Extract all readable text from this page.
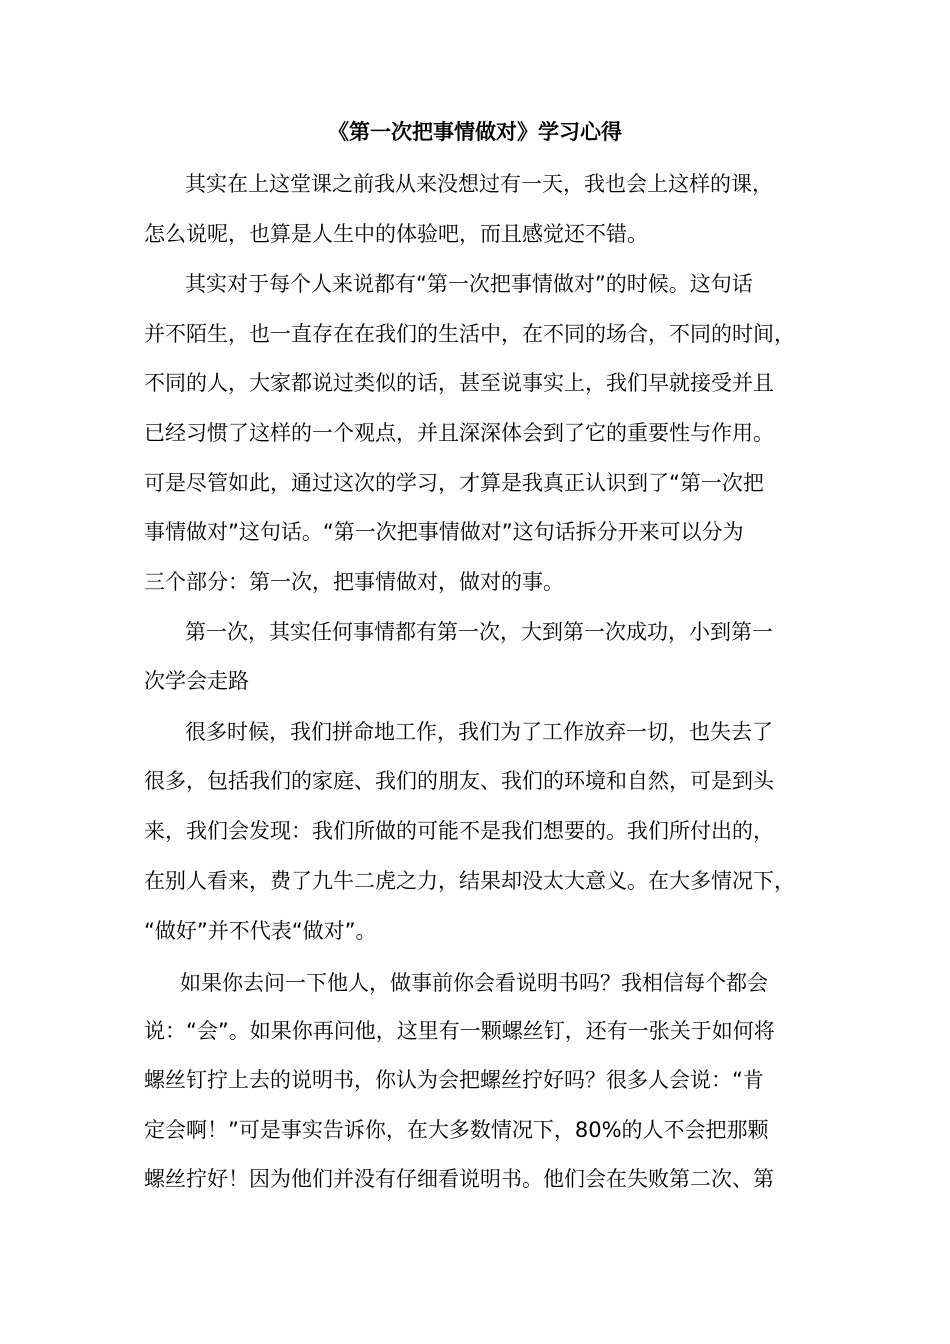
《第一次把事情做对》学习心得
其实在上这堂课之前我从来没想过有一天，我也会上这样的课，
怎么说呢，也算是人生中的体验吧，而且感觉还不错。
其实对于每个人来说都有“第一次把事情做对”的时候。这句话
并不陌生，也一直存在在我们的生活中，在不同的场合，不同的时间，
不同的人，大家都说过类似的话，甚至说事实上，我们早就接受并且
已经习惯了这样的一个观点，并且深深体会到了它的重要性与作用。
可是尽管如此，通过这次的学习，才算是我真正认识到了“第一次把
事情做对”这句话。“第一次把事情做对”这句话拆分开来可以分为
三个部分：第一次，把事情做对，做对的事。
第一次，其实任何事情都有第一次，大到第一次成功，小到第一
次学会走路
很多时候，我们拼命地工作，我们为了工作放弃一切，也失去了
很多，包括我们的家庭、我们的朋友、我们的环境和自然，可是到头
来，我们会发现：我们所做的可能不是我们想要的。我们所付出的，
在别人看来，费了九牛二虎之力，结果却没太大意义。在大多情况下，
“做好”并不代表“做对”。
如果你去问一下他人，做事前你会看说明书吗？我相信每个都会
说：“会”。如果你再问他，这里有一颗螺丝钉，还有一张关于如何将
螺丝钉拧上去的说明书，你认为会把螺丝拧好吗？很多人会说：“肯
定会啊！”可是事实告诉你，在大多数情况下，80%的人不会把那颗
螺丝拧好！因为他们并没有仔细看说明书。他们会在失败第二次、第
